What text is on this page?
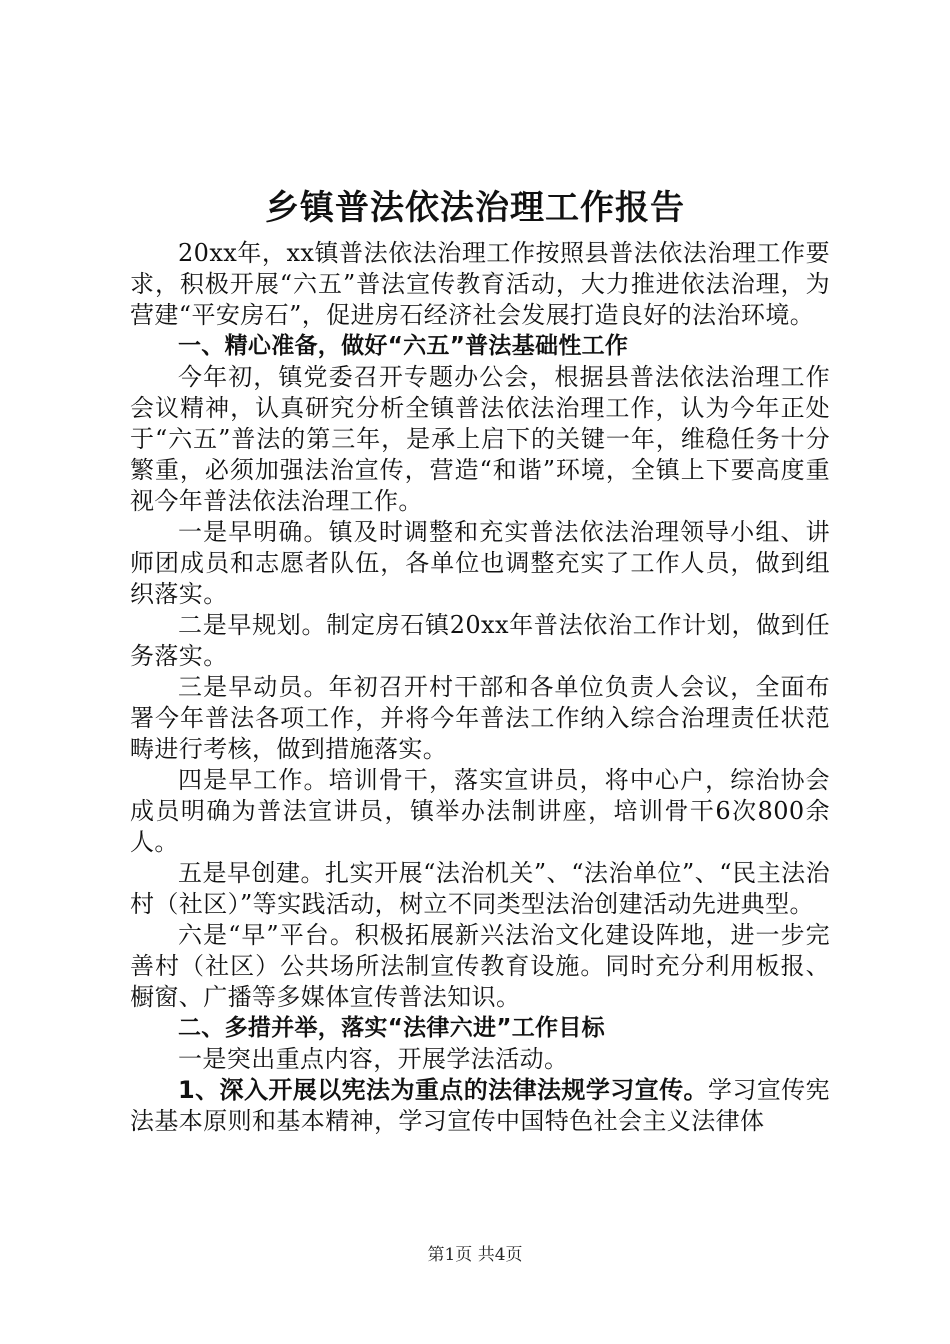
乡镇普法依法治理工作报告

20xx年，xx镇普法依法治理工作按照县普法依法治理工作要求，积极开展“六五”普法宣传教育活动，大力推进依法治理，为营建“平安房石”，促进房石经济社会发展打造良好的法治环境。

一、精心准备，做好“六五”普法基础性工作

今年初，镇党委召开专题办公会，根据县普法依法治理工作会议精神，认真研究分析全镇普法依法治理工作，认为今年正处于“六五”普法的第三年，是承上启下的关键一年，维稳任务十分繁重，必须加强法治宣传，营造“和谐”环境，全镇上下要高度重视今年普法依法治理工作。

一是早明确。镇及时调整和充实普法依法治理领导小组、讲师团成员和志愿者队伍，各单位也调整充实了工作人员，做到组织落实。

二是早规划。制定房石镇20xx年普法依治工作计划，做到任务落实。

三是早动员。年初召开村干部和各单位负责人会议，全面布署今年普法各项工作，并将今年普法工作纳入综合治理责任状范畴进行考核，做到措施落实。

四是早工作。培训骨干，落实宣讲员，将中心户，综治协会成员明确为普法宣讲员，镇举办法制讲座，培训骨干6次800余人。

五是早创建。扎实开展“法治机关”、“法治单位”、“民主法治村（社区）”等实践活动，树立不同类型法治创建活动先进典型。

六是“早”平台。积极拓展新兴法治文化建设阵地，进一步完善村（社区）公共场所法制宣传教育设施。同时充分利用板报、橱窗、广播等多媒体宣传普法知识。

二、多措并举，落实“法律六进”工作目标

一是突出重点内容，开展学法活动。

1、深入开展以宪法为重点的法律法规学习宣传。学习宣传宪法基本原则和基本精神，学习宣传中国特色社会主义法律体

第1页 共4页
